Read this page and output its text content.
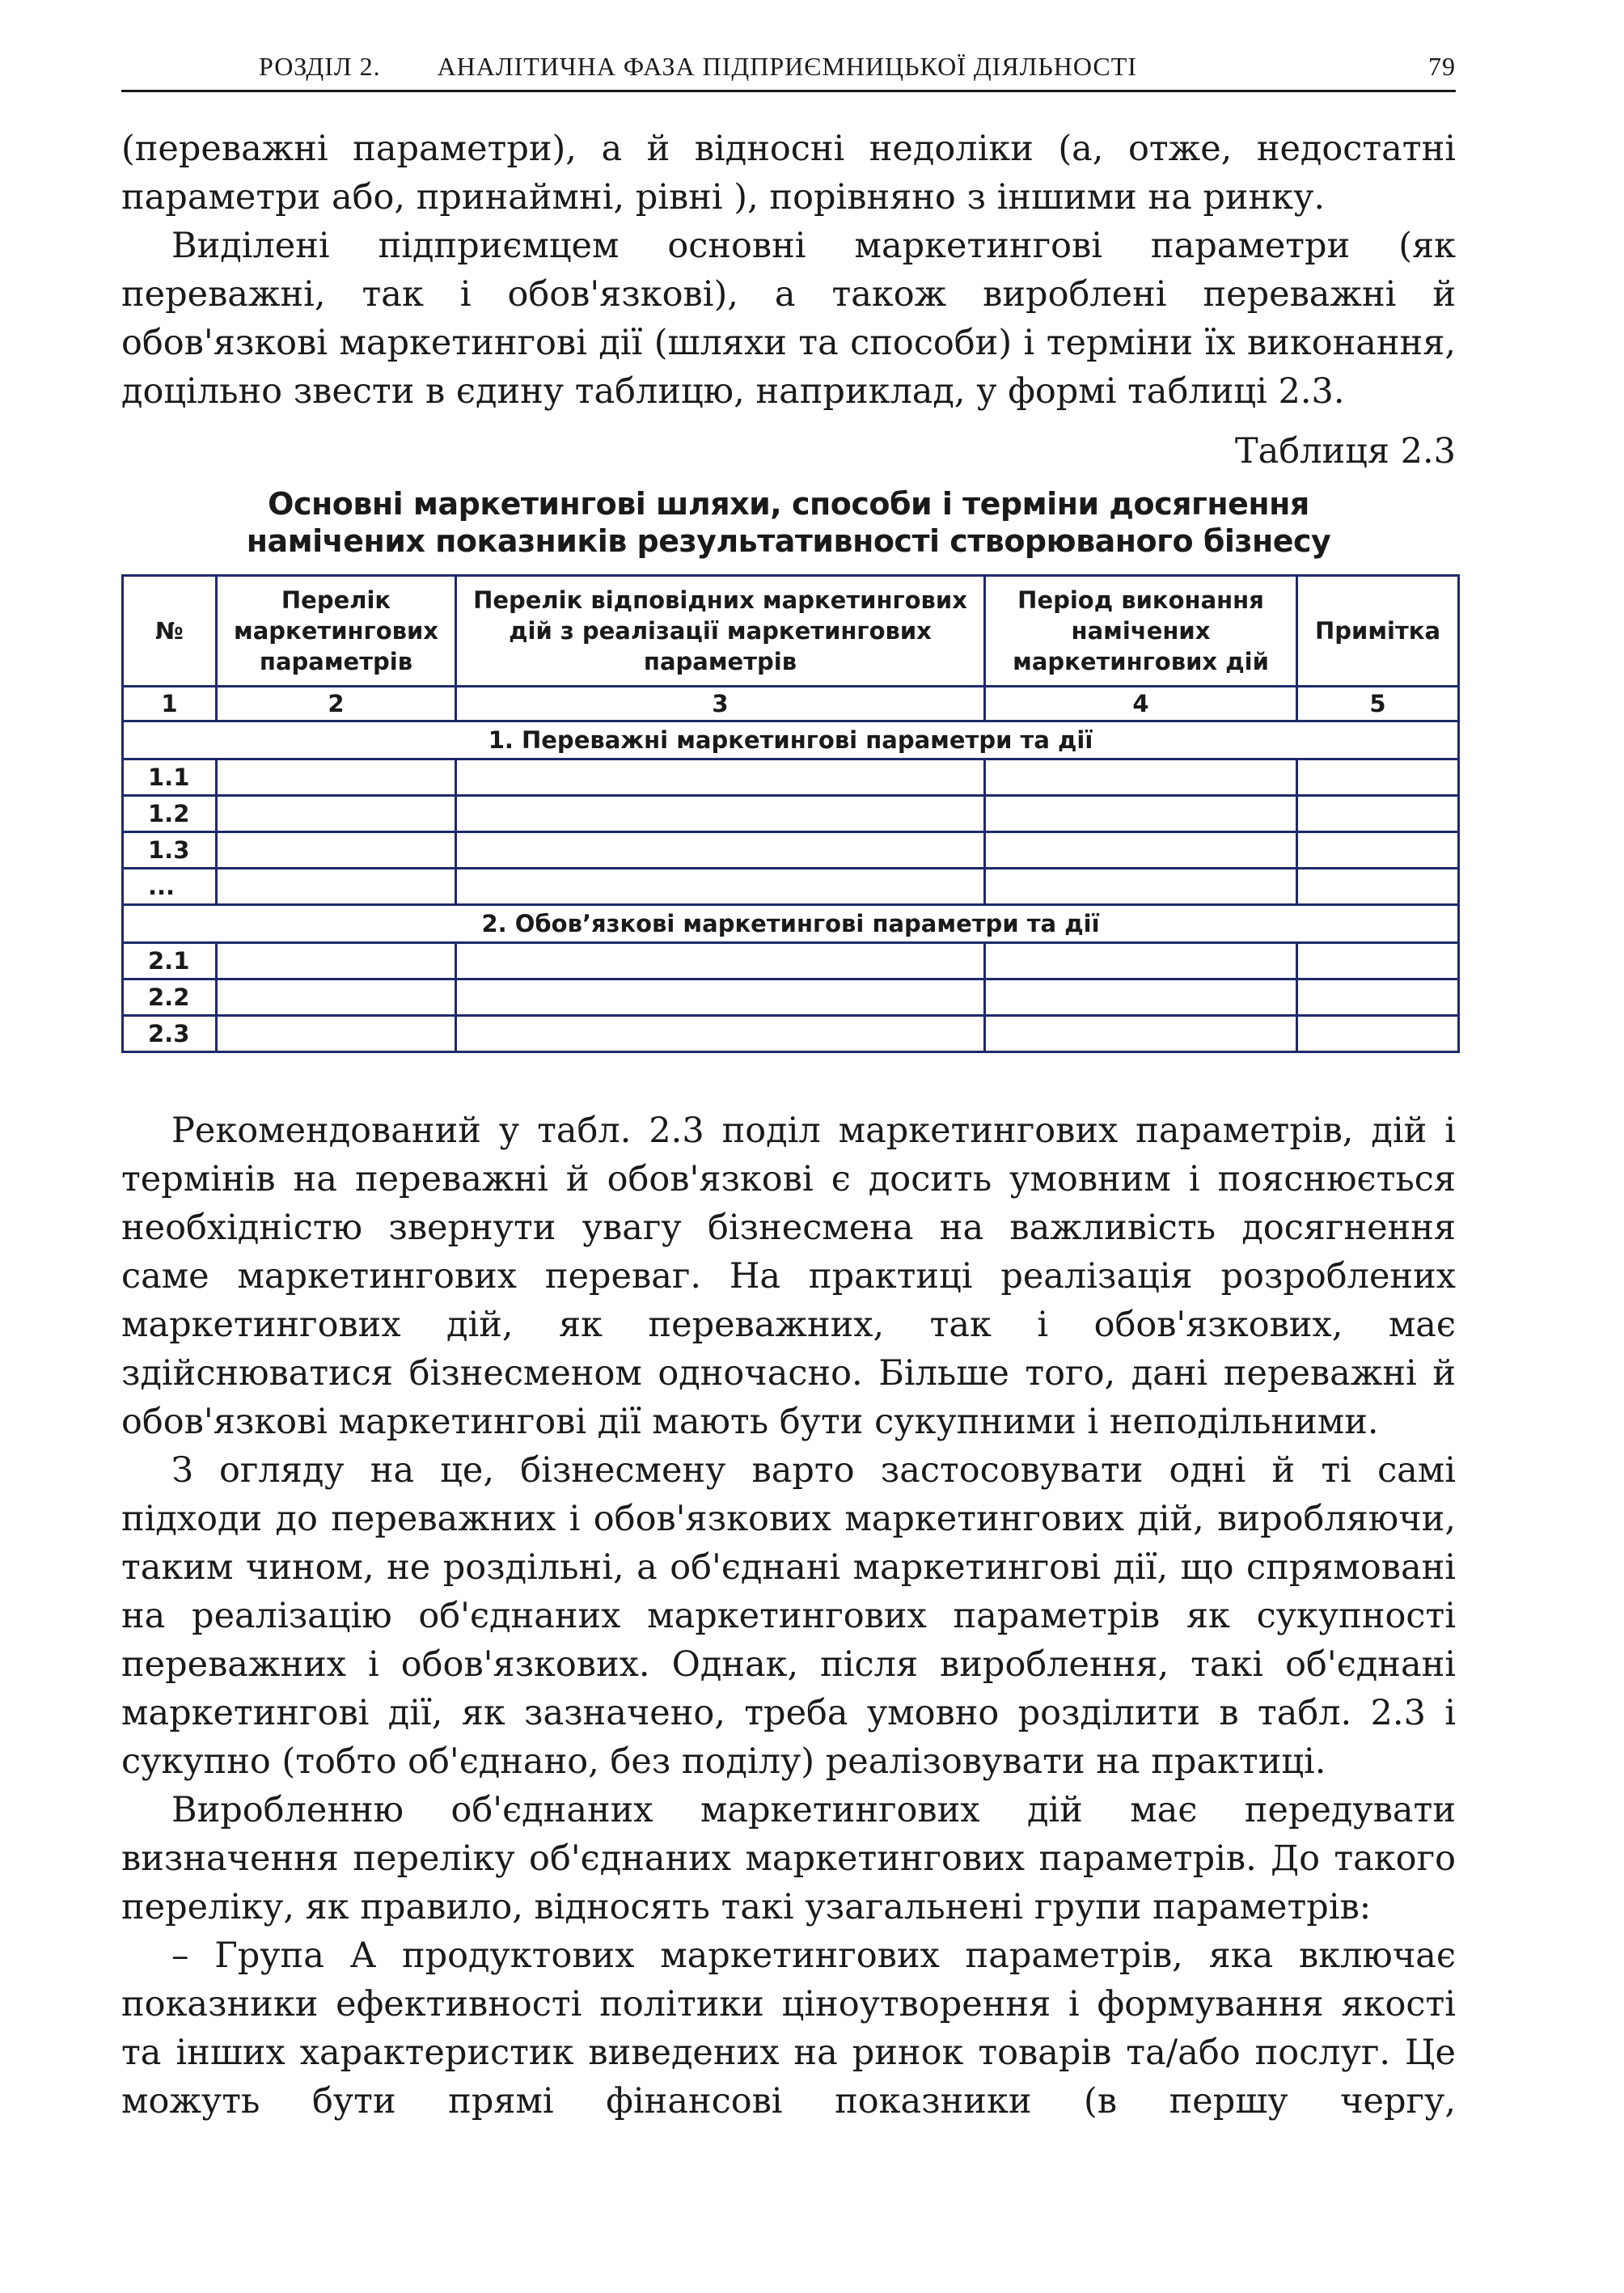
РОЗДІЛ 2. АНАЛІТИЧНА ФАЗА ПІДПРИЄМНИЦЬКОЇ ДІЯЛЬНОСТІ	79

(переважні параметри), а й відносні недоліки (а, отже, недостатні параметри або, принаймні, рівні ), порівняно з іншими на ринку.

Виділені підприємцем основні маркетингові параметри (як переважні, так і обов'язкові), а також вироблені переважні й обов'язкові маркетингові дії (шляхи та способи) і терміни їх виконання, доцільно звести в єдину таблицю, наприклад, у формі таблиці 2.3.

Таблиця 2.3
Основні маркетингові шляхи, способи і терміни досягнення
намічених показників результативності створюваного бізнесу
№	Перелік маркетингових параметрів	Перелік відповідних маркетингових дій з реалізації маркетингових параметрів	Період виконання намічених маркетингових дій	Примітка
1	2	3	4	5
1. Переважні маркетингові параметри та дії				
1.1				
1.2				
1.3				
...				
2. Обов’язкові маркетингові параметри та дії				
2.1				
2.2				
2.3				

Рекомендований у табл. 2.3 поділ маркетингових параметрів, дій і термінів на переважні й обов'язкові є досить умовним і пояснюється необхідністю звернути увагу бізнесмена на важливість досягнення саме маркетингових переваг. На практиці реалізація розроблених маркетингових дій, як переважних, так і обов'язкових, має здійснюватися бізнесменом одночасно. Більше того, дані переважні й обов'язкові маркетингові дії мають бути сукупними і неподільними.

З огляду на це, бізнесмену варто застосовувати одні й ті самі підходи до переважних і обов'язкових маркетингових дій, виробляючи, таким чином, не роздільні, а об'єднані маркетингові дії, що спрямовані на реалізацію об'єднаних маркетингових параметрів як сукупності переважних і обов'язкових. Однак, після вироблення, такі об'єднані маркетингові дії, як зазначено, треба умовно розділити в табл. 2.3 і сукупно (тобто об'єднано, без поділу) реалізовувати на практиці.

Виробленню об'єднаних маркетингових дій має передувати визначення переліку об'єднаних маркетингових параметрів. До такого переліку, як правило, відносять такі узагальнені групи параметрів:

– Група А продуктових маркетингових параметрів, яка включає показники ефективності політики ціноутворення і формування якості та інших характеристик виведених на ринок товарів та/або послуг. Це можуть бути прямі фінансові показники (в першу чергу,
